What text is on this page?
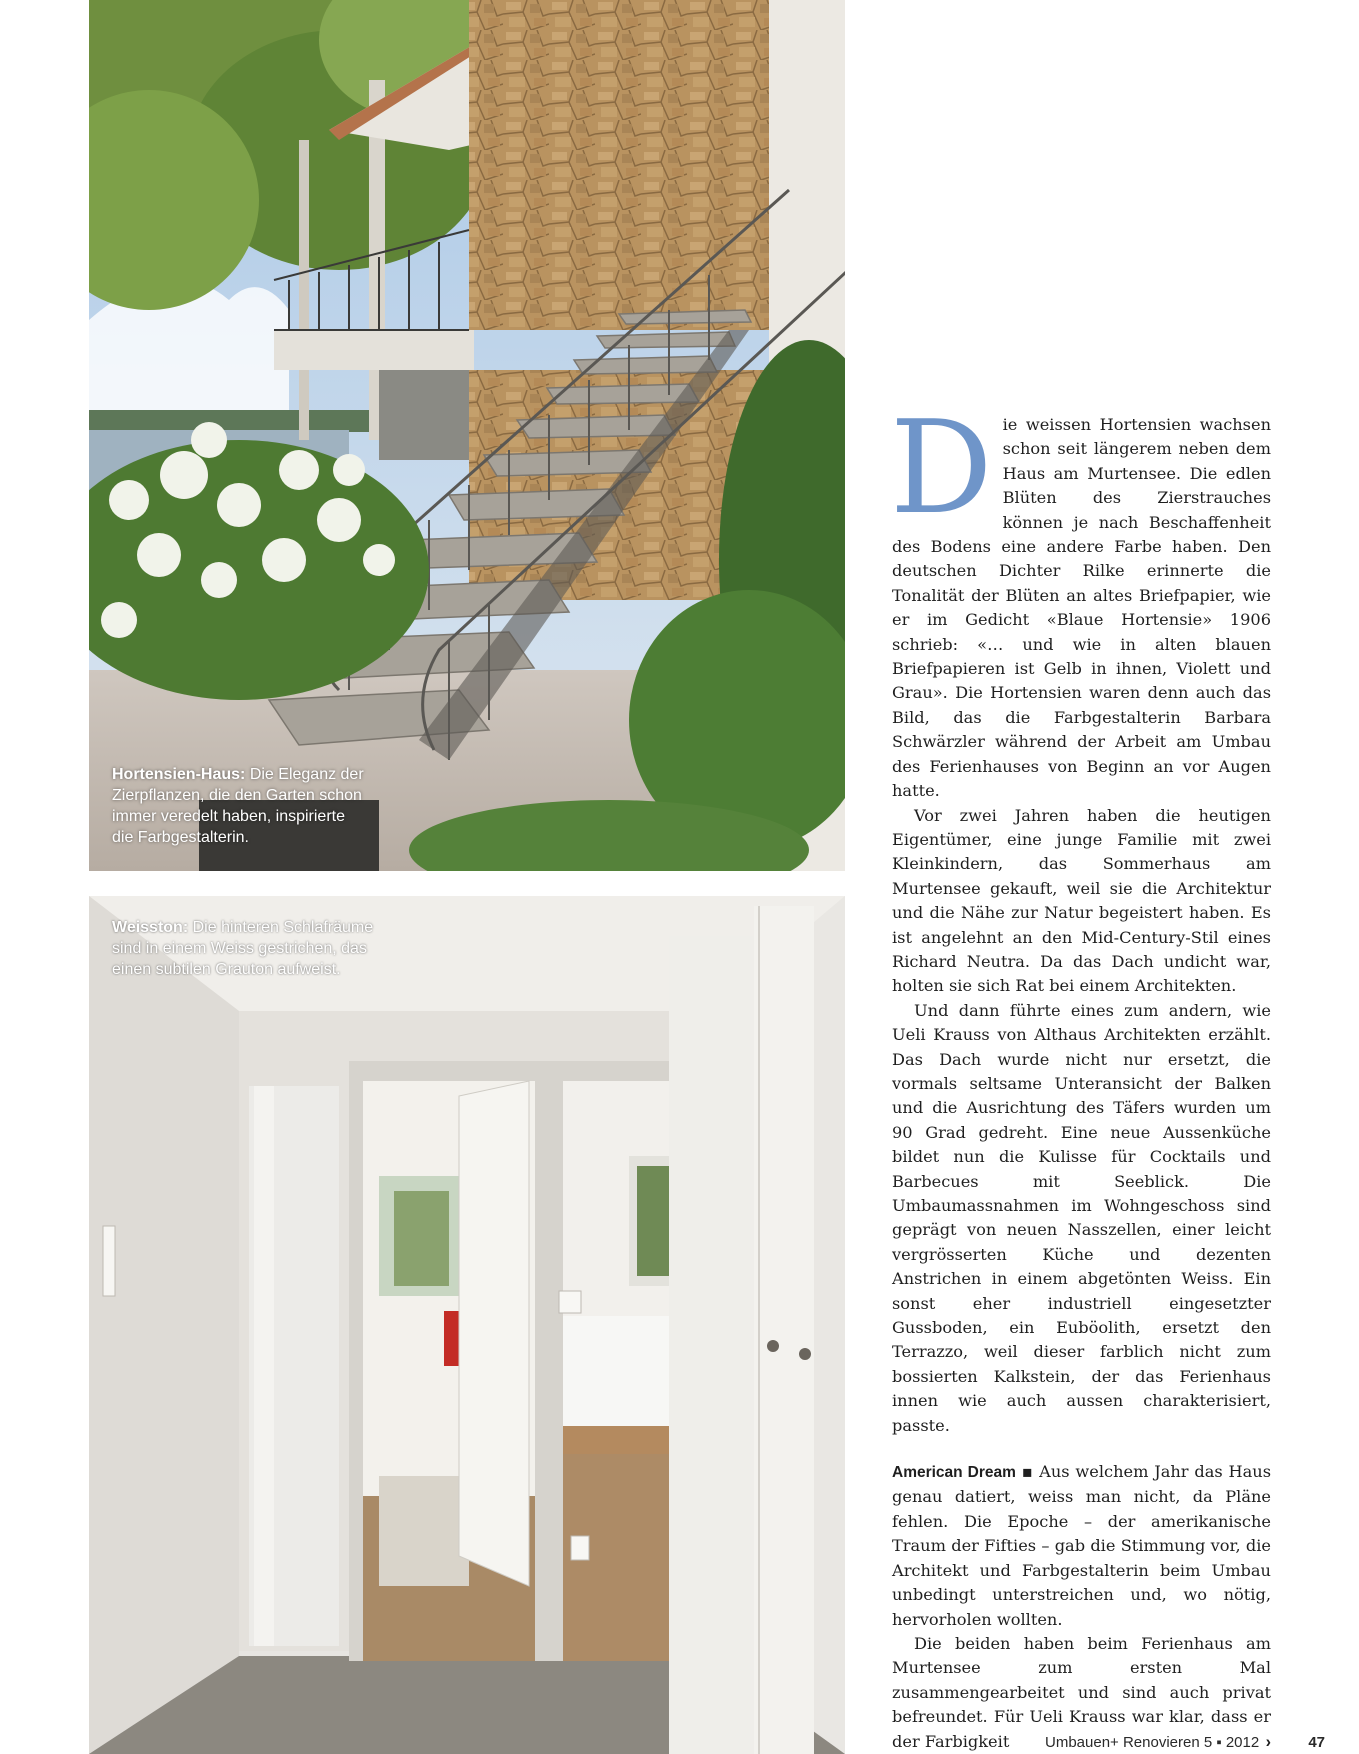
Hortensien-Haus: Die Eleganz der
Zierpflanzen, die den Garten schon
immer veredelt haben, inspirierte
die Farbgestalterin.
Weisston: Die hinteren Schlafräume
sind in einem Weiss gestrichen, das
einen subtilen Grauton aufweist.

Die weissen Hortensien wachsen schon seit längerem neben dem Haus am Murtensee. Die edlen Blüten des Zierstrauches können je nach Beschaffenheit des Bodens eine andere Farbe haben. Den deutschen Dichter Rilke erinnerte die Tonalität der Blüten an altes Briefpapier, wie er im Gedicht «Blaue Hortensie» 1906 schrieb: «… und wie in alten blauen Briefpapieren ist Gelb in ihnen, Violett und Grau». Die Hortensien waren denn auch das Bild, das die Farbgestalterin Barbara Schwärzler während der Arbeit am Umbau des Ferienhauses von Beginn an vor Augen hatte.

Vor zwei Jahren haben die heutigen Eigentümer, eine junge Familie mit zwei Kleinkindern, das Sommerhaus am Murtensee gekauft, weil sie die Architektur und die Nähe zur Natur begeistert haben. Es ist angelehnt an den Mid-Century-Stil eines Richard Neutra. Da das Dach undicht war, holten sie sich Rat bei einem Architekten.

Und dann führte eines zum andern, wie Ueli Krauss von Althaus Architekten erzählt. Das Dach wurde nicht nur ersetzt, die vormals seltsame Unteransicht der Balken und die Ausrichtung des Täfers wurden um 90 Grad gedreht. Eine neue Aussenküche bildet nun die Kulisse für Cocktails und Barbecues mit Seeblick. Die Umbaumassnahmen im Wohngeschoss sind geprägt von neuen Nasszellen, einer leicht vergrösserten Küche und dezenten Anstrichen in einem abgetönten Weiss. Ein sonst eher industriell eingesetzter Gussboden, ein Euböolith, ersetzt den Terrazzo, weil dieser farblich nicht zum bossierten Kalkstein, der das Ferienhaus innen wie auch aussen charakterisiert, passte.

American Dream ▪ Aus welchem Jahr das Haus genau datiert, weiss man nicht, da Pläne fehlen. Die Epoche – der amerikanische Traum der Fifties – gab die Stimmung vor, die Architekt und Farbgestalterin beim Umbau unbedingt unterstreichen und, wo nötig, hervorholen wollten.

Die beiden haben beim Ferienhaus am Murtensee zum ersten Mal zusammengearbeitet und sind auch privat befreundet. Für Ueli Krauss war klar, dass er der Farbigkeit	›

Umbauen+ Renovieren 5 ▪ 2012	47
